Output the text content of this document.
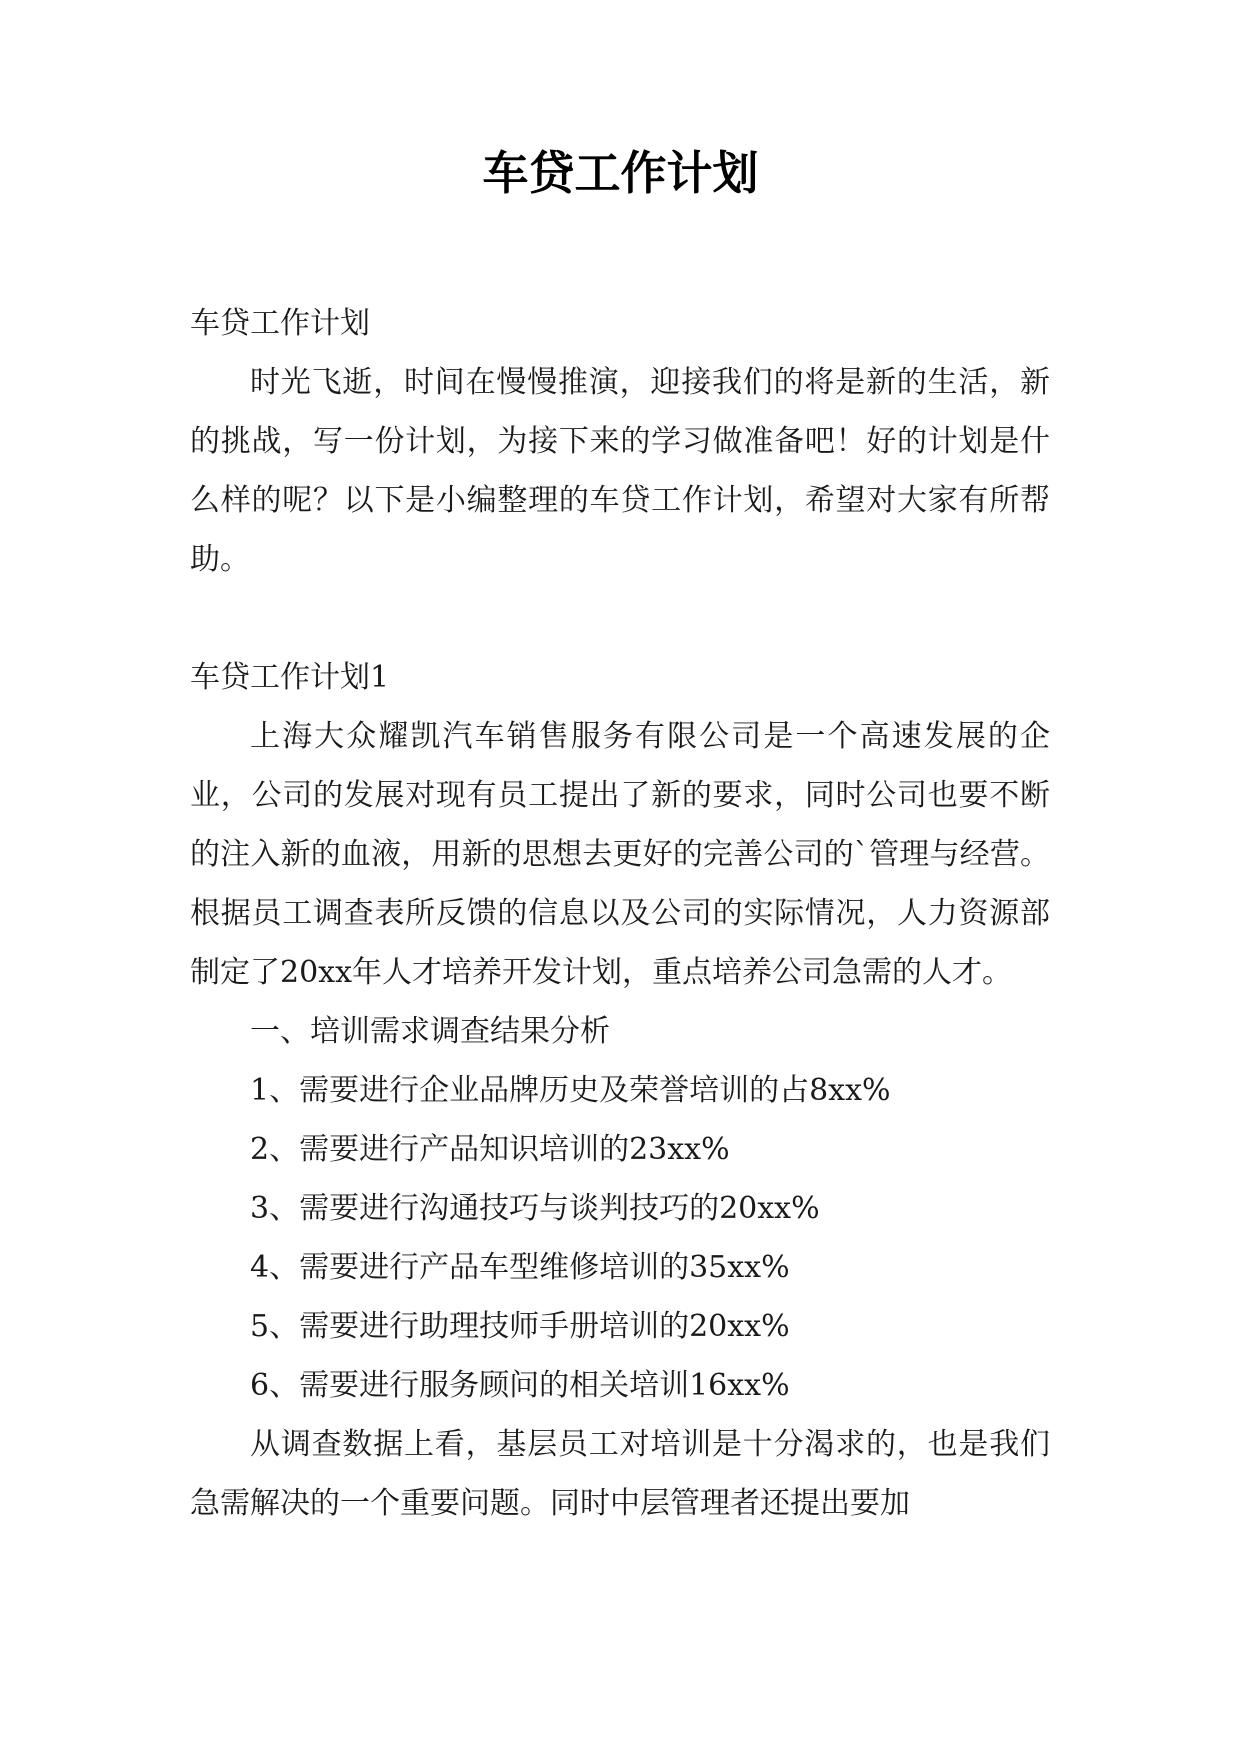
车贷工作计划

车贷工作计划

时光飞逝，时间在慢慢推演，迎接我们的将是新的生活，新的挑战，写一份计划，为接下来的学习做准备吧！好的计划是什么样的呢？以下是小编整理的车贷工作计划，希望对大家有所帮助。

车贷工作计划1

上海大众耀凯汽车销售服务有限公司是一个高速发展的企业，公司的发展对现有员工提出了新的要求，同时公司也要不断的注入新的血液，用新的思想去更好的完善公司的`管理与经营。根据员工调查表所反馈的信息以及公司的实际情况，人力资源部制定了20xx年人才培养开发计划，重点培养公司急需的人才。

一、培训需求调查结果分析

1、需要进行企业品牌历史及荣誉培训的占8xx%

2、需要进行产品知识培训的23xx%

3、需要进行沟通技巧与谈判技巧的20xx%

4、需要进行产品车型维修培训的35xx%

5、需要进行助理技师手册培训的20xx%

6、需要进行服务顾问的相关培训16xx%

从调查数据上看，基层员工对培训是十分渴求的，也是我们急需解决的一个重要问题。同时中层管理者还提出要加
